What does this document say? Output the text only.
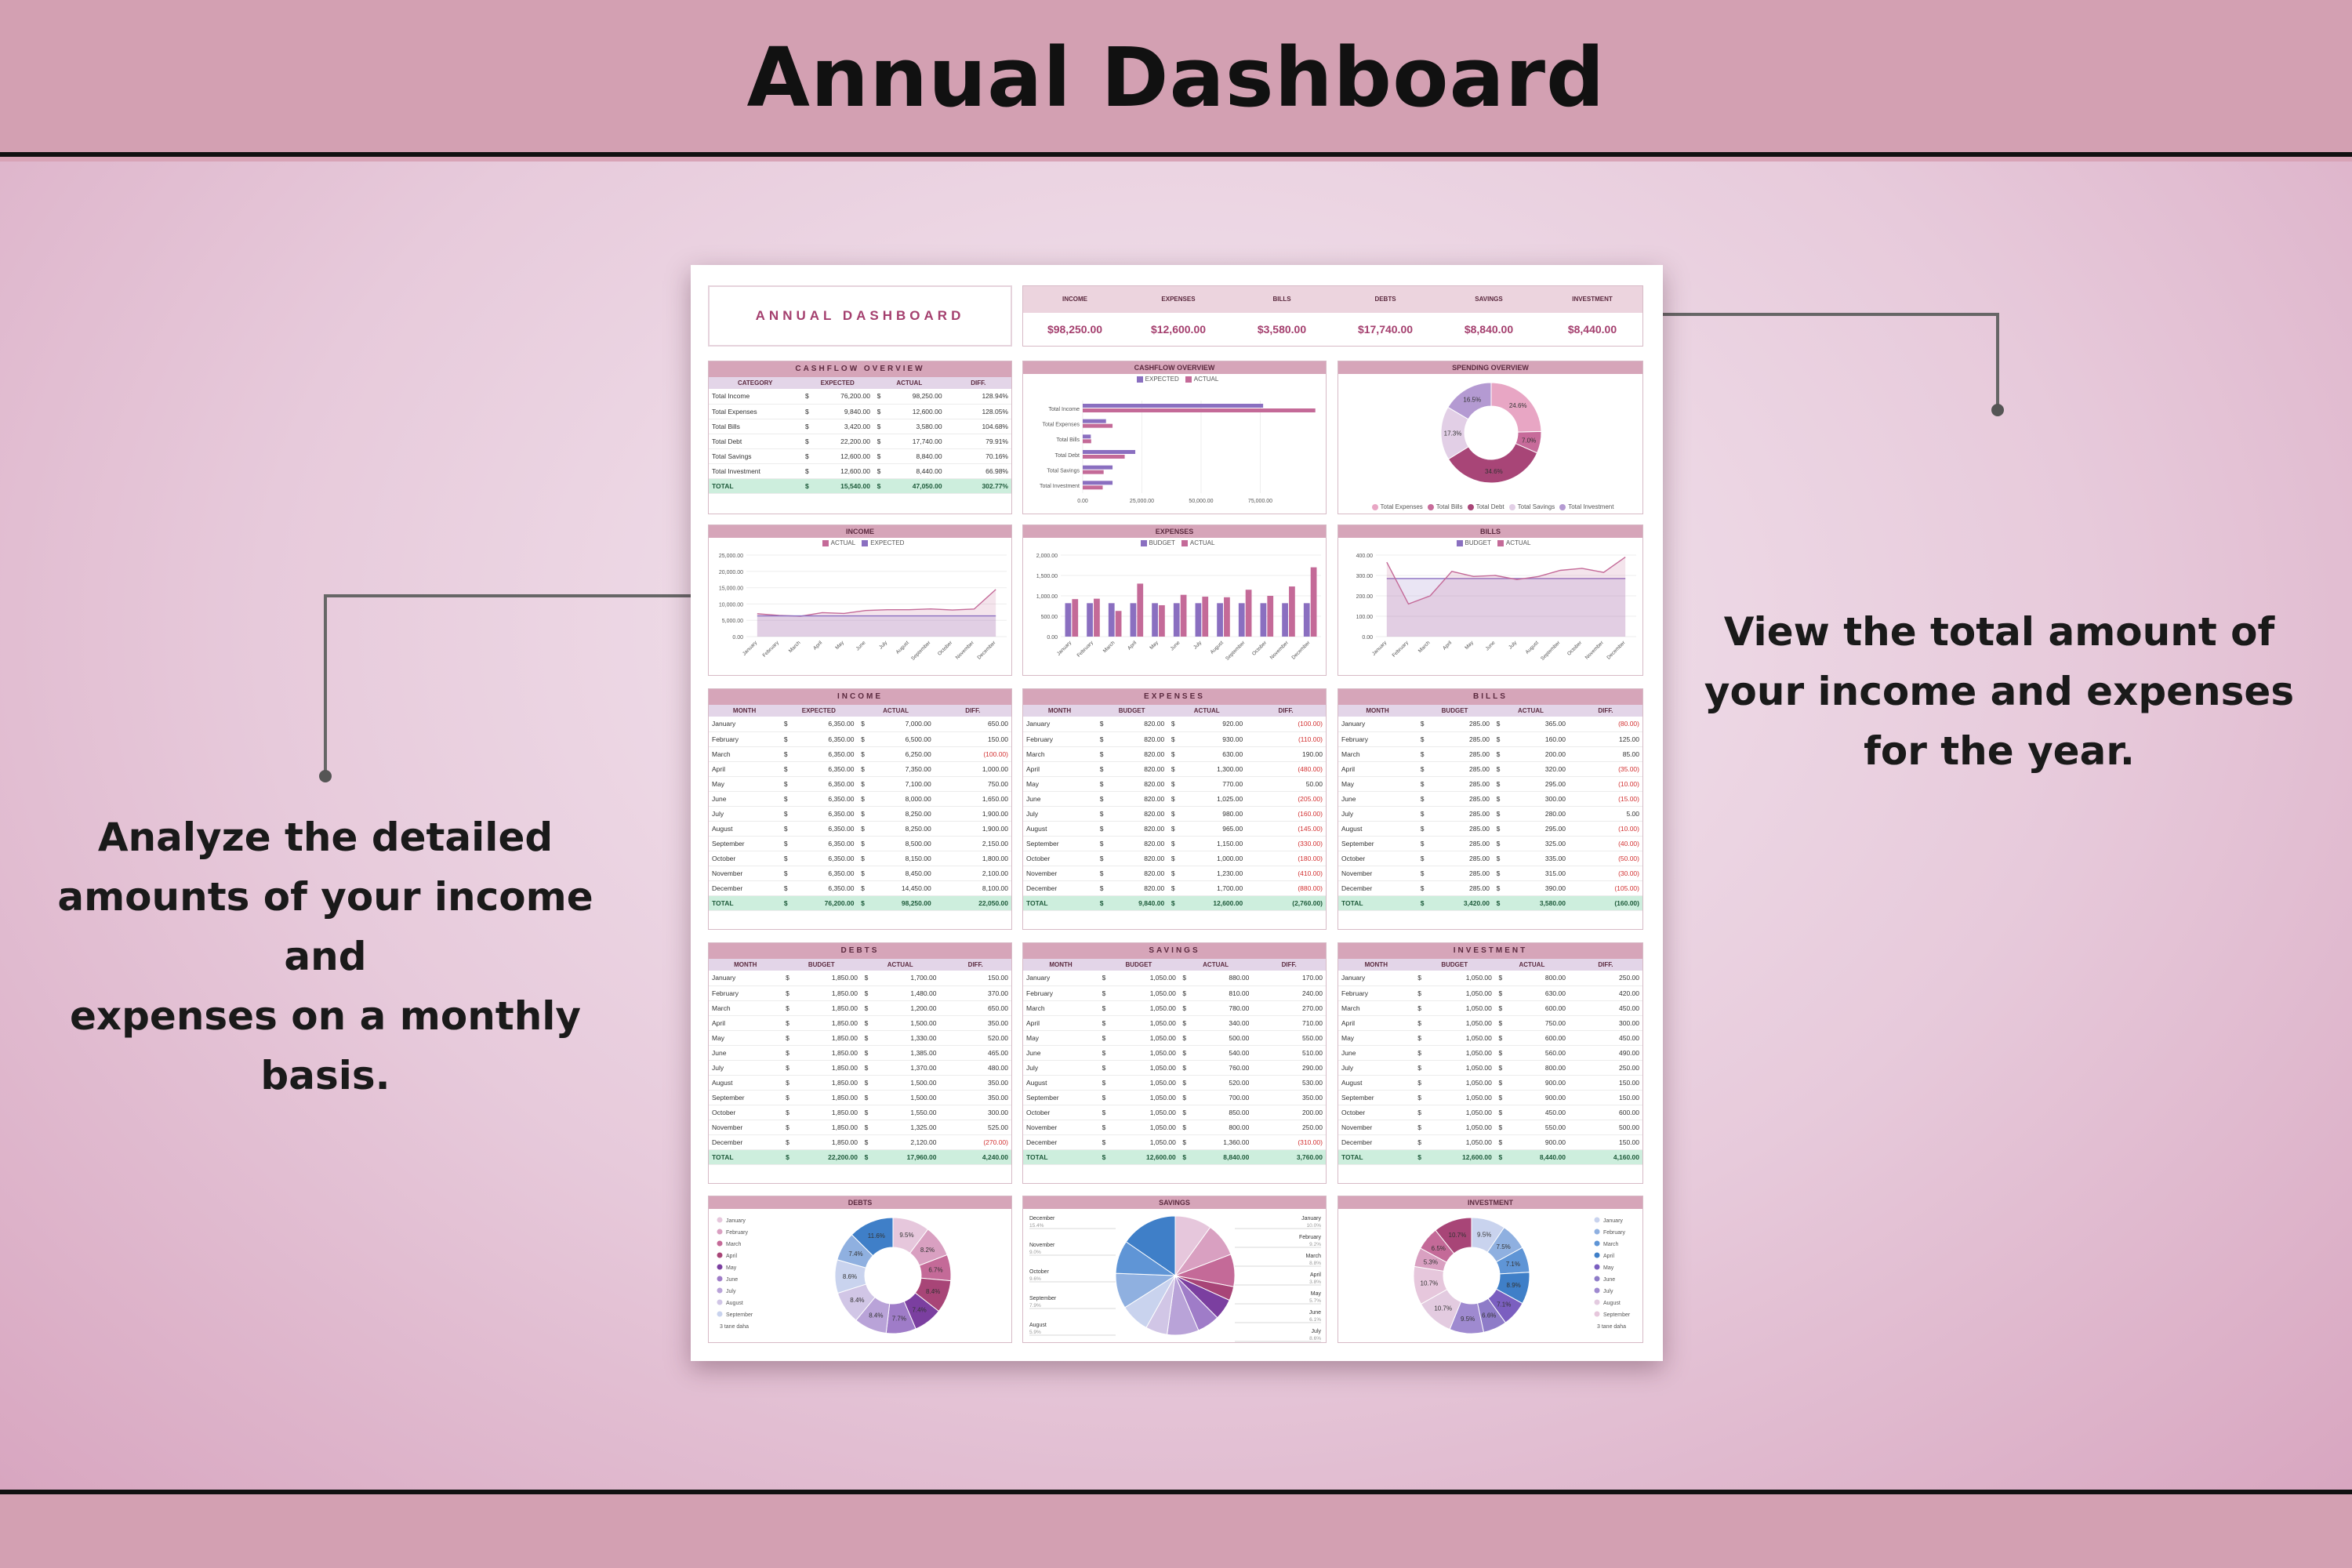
Annual Dashboard
View the total amount of
your income and expenses
for the year.
Analyze the detailed
amounts of your income and
expenses on a monthly basis.
ANNUAL DASHBOARD
INCOME
$98,250.00
EXPENSES
$12,600.00
BILLS
$3,580.00
DEBTS
$17,740.00
SAVINGS
$8,840.00
INVESTMENT
$8,440.00
CASHFLOW OVERVIEW
CATEGORY	EXPECTED		ACTUAL		DIFF.	
Total Income	$	76,200.00	$	98,250.00		128.94%
Total Expenses	$	9,840.00	$	12,600.00		128.05%
Total Bills	$	3,420.00	$	3,580.00		104.68%
Total Debt	$	22,200.00	$	17,740.00		79.91%
Total Savings	$	12,600.00	$	8,840.00		70.16%
Total Investment	$	12,600.00	$	8,440.00		66.98%
TOTAL	$	15,540.00	$	47,050.00		302.77%
CASHFLOW OVERVIEW
EXPECTED ACTUAL
0.00	25,000.00	50,000.00	75,000.00
Total Income
Total Expenses
Total Bills
Total Debt
Total Savings
Total Investment
SPENDING OVERVIEW
24.6%
7.0%
34.6%
17.3%
16.5%
Total Expenses Total Bills Total Debt Total Savings Total Investment
INCOME
ACTUAL EXPECTED
0.00
5,000.00
10,000.00
15,000.00
20,000.00
25,000.00
January February March April May June July August September October November December
EXPENSES
BUDGET ACTUAL
0.00
500.00
1,000.00
1,500.00
2,000.00
January February March April May June July August September October November December
BILLS
BUDGET ACTUAL
0.00
100.00
200.00
300.00
400.00
January February March April May June July August September October November December
INCOME
MONTH	EXPECTED		ACTUAL		DIFF.	
January	$	6,350.00	$	7,000.00		650.00
February	$	6,350.00	$	6,500.00		150.00
March	$	6,350.00	$	6,250.00		(100.00)
April	$	6,350.00	$	7,350.00		1,000.00
May	$	6,350.00	$	7,100.00		750.00
June	$	6,350.00	$	8,000.00		1,650.00
July	$	6,350.00	$	8,250.00		1,900.00
August	$	6,350.00	$	8,250.00		1,900.00
September	$	6,350.00	$	8,500.00		2,150.00
October	$	6,350.00	$	8,150.00		1,800.00
November	$	6,350.00	$	8,450.00		2,100.00
December	$	6,350.00	$	14,450.00		8,100.00
TOTAL	$	76,200.00	$	98,250.00		22,050.00
EXPENSES
MONTH	BUDGET		ACTUAL		DIFF.	
January	$	820.00	$	920.00		(100.00)
February	$	820.00	$	930.00		(110.00)
March	$	820.00	$	630.00		190.00
April	$	820.00	$	1,300.00		(480.00)
May	$	820.00	$	770.00		50.00
June	$	820.00	$	1,025.00		(205.00)
July	$	820.00	$	980.00		(160.00)
August	$	820.00	$	965.00		(145.00)
September	$	820.00	$	1,150.00		(330.00)
October	$	820.00	$	1,000.00		(180.00)
November	$	820.00	$	1,230.00		(410.00)
December	$	820.00	$	1,700.00		(880.00)
TOTAL	$	9,840.00	$	12,600.00		(2,760.00)
BILLS
MONTH	BUDGET		ACTUAL		DIFF.	
January	$	285.00	$	365.00		(80.00)
February	$	285.00	$	160.00		125.00
March	$	285.00	$	200.00		85.00
April	$	285.00	$	320.00		(35.00)
May	$	285.00	$	295.00		(10.00)
June	$	285.00	$	300.00		(15.00)
July	$	285.00	$	280.00		5.00
August	$	285.00	$	295.00		(10.00)
September	$	285.00	$	325.00		(40.00)
October	$	285.00	$	335.00		(50.00)
November	$	285.00	$	315.00		(30.00)
December	$	285.00	$	390.00		(105.00)
TOTAL	$	3,420.00	$	3,580.00		(160.00)
DEBTS
MONTH	BUDGET		ACTUAL		DIFF.	
January	$	1,850.00	$	1,700.00		150.00
February	$	1,850.00	$	1,480.00		370.00
March	$	1,850.00	$	1,200.00		650.00
April	$	1,850.00	$	1,500.00		350.00
May	$	1,850.00	$	1,330.00		520.00
June	$	1,850.00	$	1,385.00		465.00
July	$	1,850.00	$	1,370.00		480.00
August	$	1,850.00	$	1,500.00		350.00
September	$	1,850.00	$	1,500.00		350.00
October	$	1,850.00	$	1,550.00		300.00
November	$	1,850.00	$	1,325.00		525.00
December	$	1,850.00	$	2,120.00		(270.00)
TOTAL	$	22,200.00	$	17,960.00		4,240.00
SAVINGS
MONTH	BUDGET		ACTUAL		DIFF.	
January	$	1,050.00	$	880.00		170.00
February	$	1,050.00	$	810.00		240.00
March	$	1,050.00	$	780.00		270.00
April	$	1,050.00	$	340.00		710.00
May	$	1,050.00	$	500.00		550.00
June	$	1,050.00	$	540.00		510.00
July	$	1,050.00	$	760.00		290.00
August	$	1,050.00	$	520.00		530.00
September	$	1,050.00	$	700.00		350.00
October	$	1,050.00	$	850.00		200.00
November	$	1,050.00	$	800.00		250.00
December	$	1,050.00	$	1,360.00		(310.00)
TOTAL	$	12,600.00	$	8,840.00		3,760.00
INVESTMENT
MONTH	BUDGET		ACTUAL		DIFF.	
January	$	1,050.00	$	800.00		250.00
February	$	1,050.00	$	630.00		420.00
March	$	1,050.00	$	600.00		450.00
April	$	1,050.00	$	750.00		300.00
May	$	1,050.00	$	600.00		450.00
June	$	1,050.00	$	560.00		490.00
July	$	1,050.00	$	800.00		250.00
August	$	1,050.00	$	900.00		150.00
September	$	1,050.00	$	900.00		150.00
October	$	1,050.00	$	450.00		600.00
November	$	1,050.00	$	550.00		500.00
December	$	1,050.00	$	900.00		150.00
TOTAL	$	12,600.00	$	8,440.00		4,160.00
DEBTS
9.5%
8.2%
6.7%
8.4%
7.4%
7.7%
8.4%
8.4%
8.6%
7.4%
11.6%
January
February
March
April
May
June
July
August
September
3 tane daha
SAVINGS
December
15.4%
November
9.0%
October
9.6%
September
7.9%
August
5.9%
January
10.0%
February
9.2%
March
8.8%
April
3.8%
May
5.7%
June
6.1%
July
8.6%
INVESTMENT
9.5%
7.5%
7.1%
8.9%
7.1%
6.6%
9.5%
10.7%
10.7%
5.3%
6.5%
10.7%
January
February
March
April
May
June
July
August
September
3 tane daha
